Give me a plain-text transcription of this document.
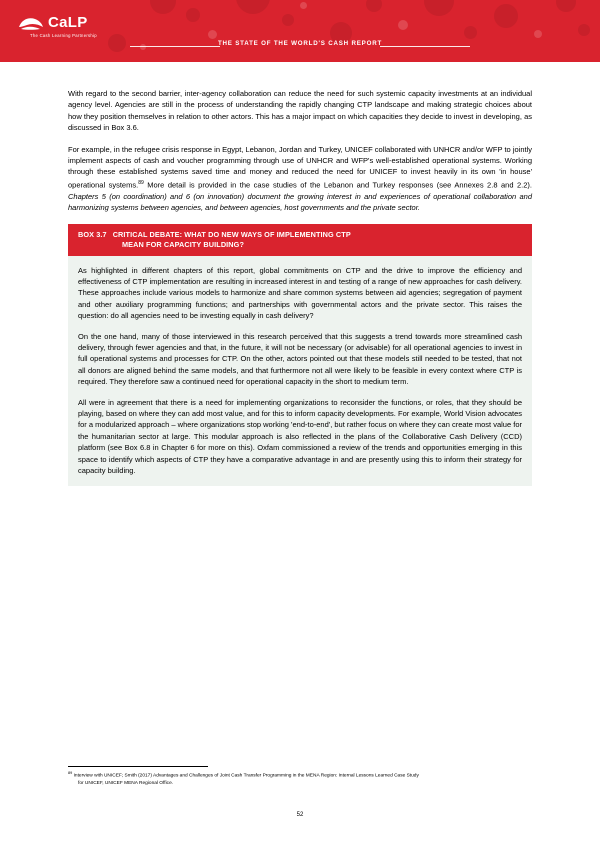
CaLP
The Cash Learning Partnership
THE STATE OF THE WORLD'S CASH REPORT

With regard to the second barrier, inter-agency collaboration can reduce the need for such systemic capacity investments at an individual agency level. Agencies are still in the process of understanding the rapidly changing CTP landscape and making strategic choices about how they position themselves in relation to other actors. This has a major impact on which capacities they decide to invest in developing, as discussed in Box 3.6.

For example, in the refugee crisis response in Egypt, Lebanon, Jordan and Turkey, UNICEF collaborated with UNHCR and/or WFP to jointly implement aspects of cash and voucher programming through use of UNHCR and WFP's well-established operational systems. Working through these established systems saved time and money and reduced the need for UNICEF to invest heavily in its own 'in house' operational systems.$^{89}$ More detail is provided in the case studies of the Lebanon and Turkey responses (see Annexes 2.8 and 2.2). Chapters 5 (on coordination) and 6 (on innovation) document the growing interest in and experiences of operational collaboration and harmonizing systems between agencies, and between agencies, host governments and the private sector.

BOX 3.7 CRITICAL DEBATE: WHAT DO NEW WAYS OF IMPLEMENTING CTP
MEAN FOR CAPACITY BUILDING?

As highlighted in different chapters of this report, global commitments on CTP and the drive to improve the efficiency and effectiveness of CTP implementation are resulting in increased interest in and testing of a range of new approaches for cash delivery. These approaches include various models to harmonize and share common systems between aid agencies; segregation of payment and other auxiliary programming functions; and partnerships with governmental actors and the private sector. This raises the question: do all agencies need to be investing equally in cash delivery?

On the one hand, many of those interviewed in this research perceived that this suggests a trend towards more streamlined cash delivery, through fewer agencies and that, in the future, it will not be necessary (or advisable) for all operational agencies to invest in full operational systems and processes for CTP. On the other, actors pointed out that these models still needed to be tested, that not all donors are aligned behind the same models, and that furthermore not all were likely to be feasible in every context where CTP is required. They therefore saw a continued need for operational capacity in the short to medium term.

All were in agreement that there is a need for implementing organizations to reconsider the functions, or roles, that they should be playing, based on where they can add most value, and for this to inform capacity developments. For example, World Vision advocates for a modularized approach – where organizations stop working 'end-to-end', but rather focus on where they can create most value for the humanitarian sector at large. This modular approach is also reflected in the plans of the Collaborative Cash Delivery (CCD) platform (see Box 6.8 in Chapter 6 for more on this). Oxfam commissioned a review of the trends and opportunities emerging in this space to identify which aspects of CTP they have a comparative advantage in and are presently using this to inform their strategy for capacity building.

$^{89}$ Interview with UNICEF; Smith (2017) Advantages and Challenges of Joint Cash Transfer Programming in the MENA Region: Internal Lessons Learned Case Study
for UNICEF, UNICEF MENA Regional Office.
52
